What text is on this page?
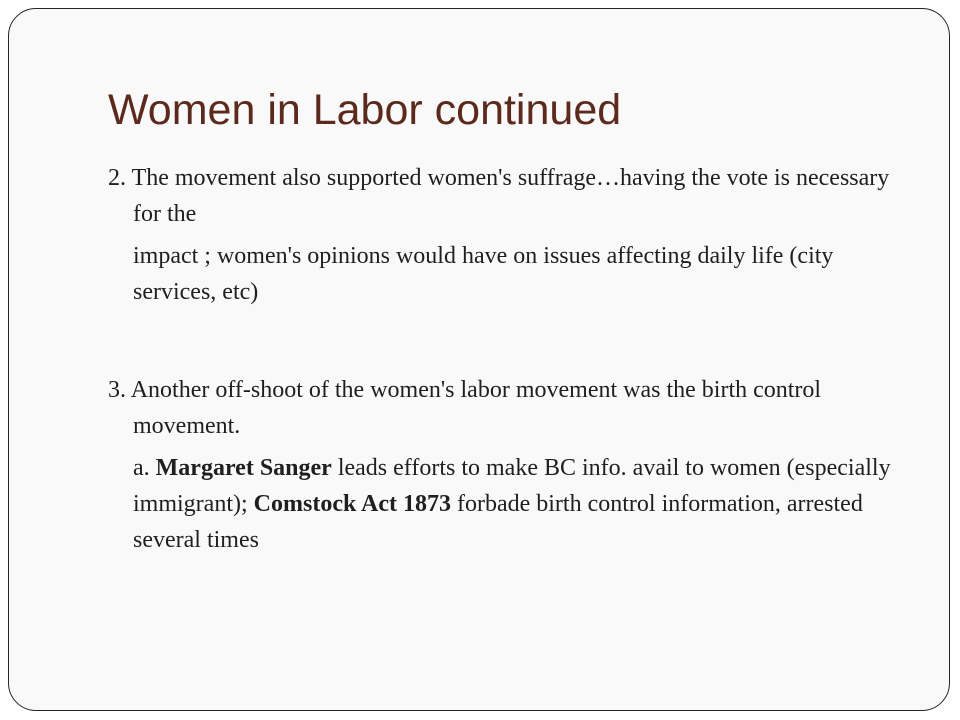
Women in Labor continued

2. The movement also supported women's suffrage…having the vote is necessary for the

impact ; women's opinions would have on issues affecting daily life (city services, etc)

3. Another off-shoot of the women's labor movement was the birth control movement.

a. Margaret Sanger leads efforts to make BC info. avail to women (especially   immigrant); Comstock Act 1873 forbade birth control information, arrested several times
